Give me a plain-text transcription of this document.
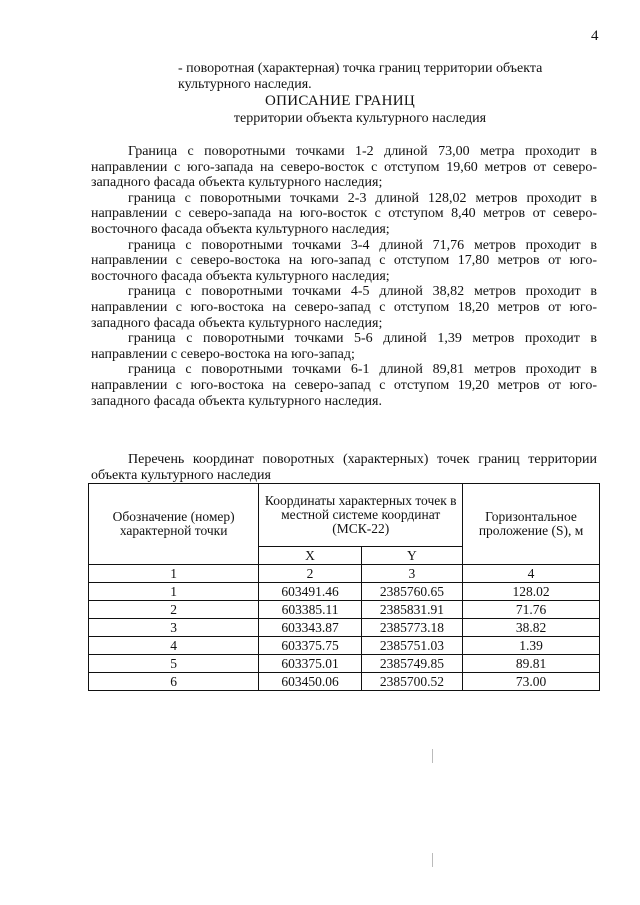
4
- поворотная (характерная) точка границ территории объекта
культурного наследия.
ОПИСАНИЕ ГРАНИЦ
территории объекта культурного наследия

Граница с поворотными точками 1-2 длиной 73,00 метра проходит в направлении с юго-запада на северо-восток с отступом 19,60 метров от северо-западного фасада объекта культурного наследия;

граница с поворотными точками 2-3 длиной 128,02 метров проходит в направлении с северо-запада на юго-восток с отступом 8,40 метров от северо-восточного фасада объекта культурного наследия;

граница с поворотными точками 3-4 длиной 71,76 метров проходит в направлении с северо-востока на юго-запад с отступом 17,80 метров от юго-восточного фасада объекта культурного наследия;

граница с поворотными точками 4-5 длиной 38,82 метров проходит в направлении с юго-востока на северо-запад с отступом 18,20 метров от юго-западного фасада объекта культурного наследия;

граница с поворотными точками 5-6 длиной 1,39 метров проходит в направлении с северо-востока на юго-запад;

граница с поворотными точками 6-1 длиной 89,81 метров проходит в направлении с юго-востока на северо-запад с отступом 19,20 метров от юго-западного фасада объекта культурного наследия.

Перечень координат поворотных (характерных) точек границ территории объекта культурного наследия
Обозначение (номер) характерной точки	Координаты характерных точек в местной системе координат (МСК-22)		Горизонтальное проложение (S), м
	X	Y	
1	2	3	4
1	603491.46	2385760.65	128.02
2	603385.11	2385831.91	71.76
3	603343.87	2385773.18	38.82
4	603375.75	2385751.03	1.39
5	603375.01	2385749.85	89.81
6	603450.06	2385700.52	73.00
